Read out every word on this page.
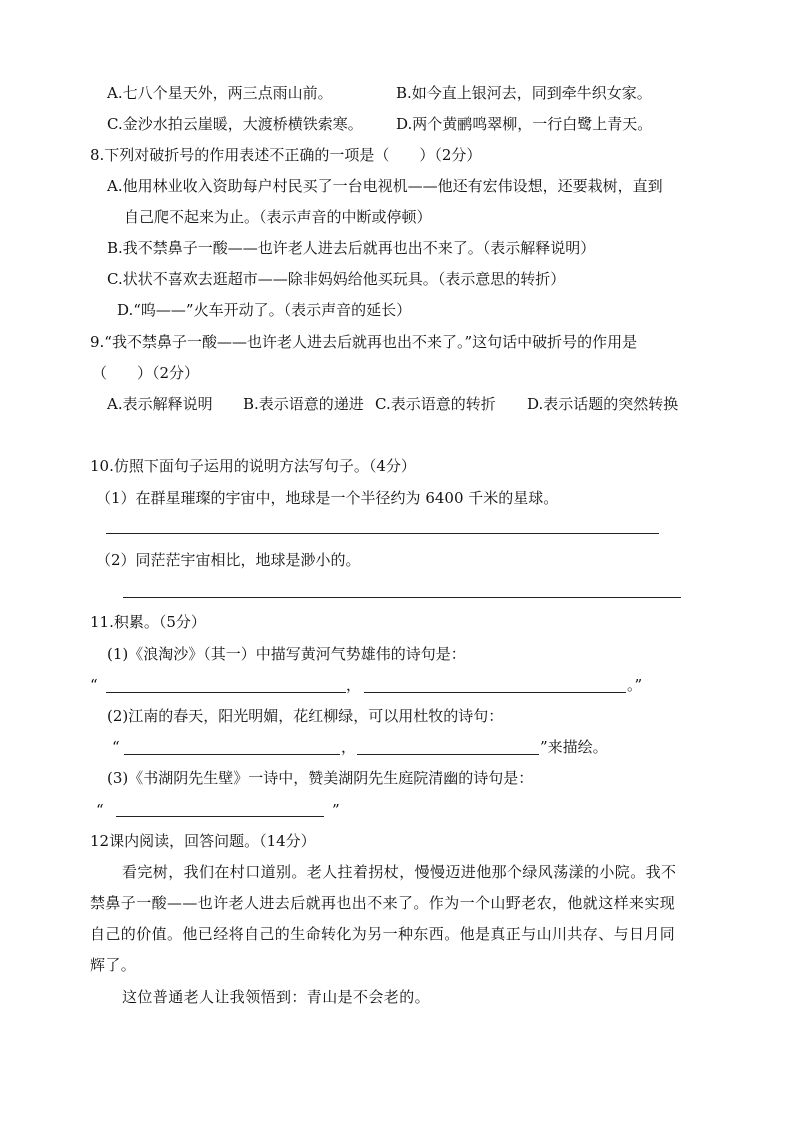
A.七八个星天外，两三点雨山前。	B.如今直上银河去，同到牵牛织女家。
C.金沙水拍云崖暖，大渡桥横铁索寒。 D.两个黄鹂鸣翠柳，一行白鹭上青天。
8.下列对破折号的作用表述不正确的一项是（　　）（2分）
A.他用林业收入资助每户村民买了一台电视机——他还有宏伟设想，还要栽树，直到
自己爬不起来为止。（表示声音的中断或停顿）
B.我不禁鼻子一酸——也许老人进去后就再也出不来了。（表示解释说明）
C.状状不喜欢去逛超市——除非妈妈给他买玩具。（表示意思的转折）
D.“呜——”火车开动了。（表示声音的延长）
9.“我不禁鼻子一酸——也许老人进去后就再也出不来了。”这句话中破折号的作用是
（　　）（2分）
A.表示解释说明 B.表示语意的递进 C.表示语意的转折 D.表示话题的突然转换
10.仿照下面句子运用的说明方法写句子。（4分）
（1）在群星璀璨的宇宙中，地球是一个半径约为 6400 千米的星球。
（2）同茫茫宇宙相比，地球是渺小的。
11.积累。（5分）
(1)《浪淘沙》（其一）中描写黄河气势雄伟的诗句是：
“	，	。”
(2)江南的春天，阳光明媚，花红柳绿，可以用杜牧的诗句：
“	，	”来描绘。
(3)《书湖阴先生壁》一诗中，赞美湖阴先生庭院清幽的诗句是：
“	”
12课内阅读，回答问题。（14分）
看完树，我们在村口道别。老人拄着拐杖，慢慢迈进他那个绿风荡漾的小院。我不
禁鼻子一酸——也许老人进去后就再也出不来了。作为一个山野老农，他就这样来实现
自己的价值。他已经将自己的生命转化为另一种东西。他是真正与山川共存、与日月同
辉了。
这位普通老人让我领悟到：青山是不会老的。
